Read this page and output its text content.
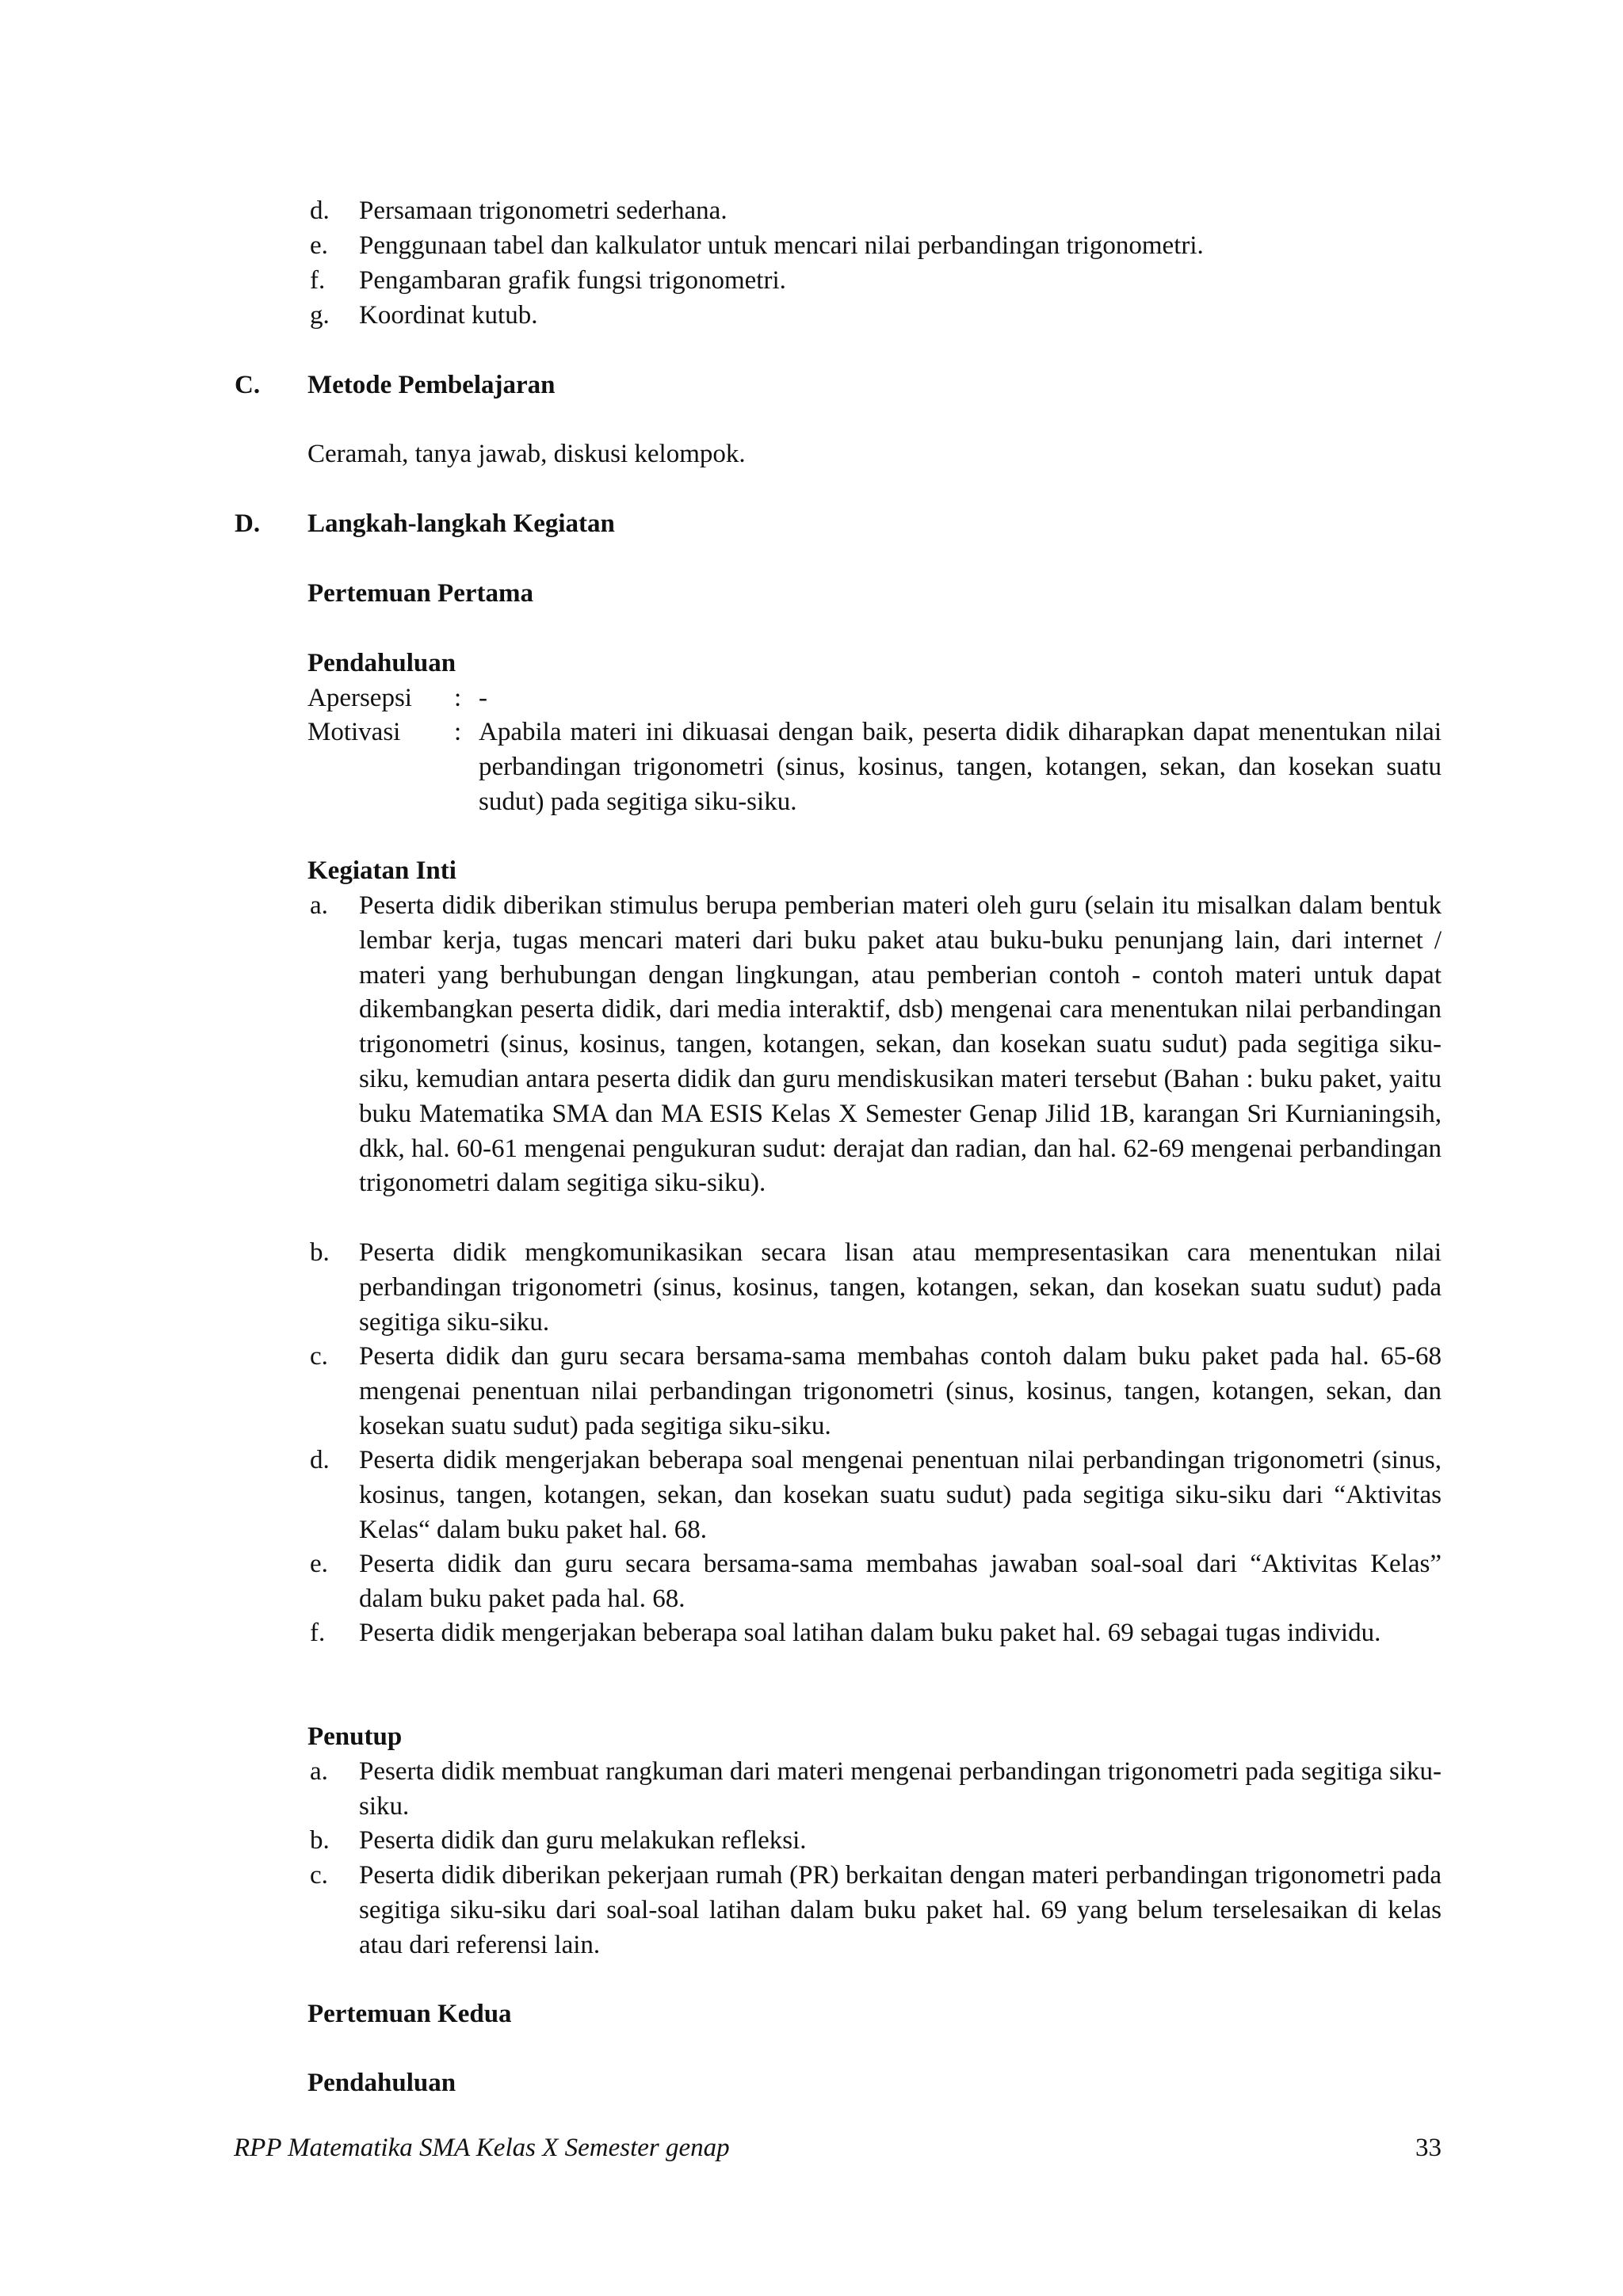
d. Persamaan trigonometri sederhana.
e. Penggunaan tabel dan kalkulator untuk mencari nilai perbandingan trigonometri.
f. Pengambaran grafik fungsi trigonometri.
g. Koordinat kutub.
C. Metode Pembelajaran
Ceramah, tanya jawab, diskusi kelompok.
D. Langkah-langkah Kegiatan
Pertemuan Pertama
Pendahuluan
Apersepsi : -
Motivasi : Apabila materi ini dikuasai dengan baik, peserta didik diharapkan dapat menentukan nilai perbandingan trigonometri (sinus, kosinus, tangen, kotangen, sekan, dan kosekan suatu sudut) pada segitiga siku-siku.
Kegiatan Inti
a. Peserta didik diberikan stimulus berupa pemberian materi oleh guru (selain itu misalkan dalam bentuk lembar kerja, tugas mencari materi dari buku paket atau buku-buku penunjang lain, dari internet / materi yang berhubungan dengan lingkungan, atau pemberian contoh - contoh materi untuk dapat dikembangkan peserta didik, dari media interaktif, dsb) mengenai cara menentukan nilai perbandingan trigonometri (sinus, kosinus, tangen, kotangen, sekan, dan kosekan suatu sudut) pada segitiga siku-siku, kemudian antara peserta didik dan guru mendiskusikan materi tersebut (Bahan : buku paket, yaitu buku Matematika SMA dan MA ESIS Kelas X Semester Genap Jilid 1B, karangan Sri Kurnianingsih, dkk, hal. 60-61 mengenai pengukuran sudut: derajat dan radian, dan hal. 62-69 mengenai perbandingan trigonometri dalam segitiga siku-siku).
b. Peserta didik mengkomunikasikan secara lisan atau mempresentasikan cara menentukan nilai perbandingan trigonometri (sinus, kosinus, tangen, kotangen, sekan, dan kosekan suatu sudut) pada segitiga siku-siku.
c. Peserta didik dan guru secara bersama-sama membahas contoh dalam buku paket pada hal. 65-68 mengenai penentuan nilai perbandingan trigonometri (sinus, kosinus, tangen, kotangen, sekan, dan kosekan suatu sudut) pada segitiga siku-siku.
d. Peserta didik mengerjakan beberapa soal mengenai penentuan nilai perbandingan trigonometri (sinus, kosinus, tangen, kotangen, sekan, dan kosekan suatu sudut) pada segitiga siku-siku dari “Aktivitas Kelas“ dalam buku paket hal. 68.
e. Peserta didik dan guru secara bersama-sama membahas jawaban soal-soal dari “Aktivitas Kelas” dalam buku paket pada hal. 68.
f. Peserta didik mengerjakan beberapa soal latihan dalam buku paket hal. 69 sebagai tugas individu.
Penutup
a. Peserta didik membuat rangkuman dari materi mengenai perbandingan trigonometri pada segitiga siku-siku.
b. Peserta didik dan guru melakukan refleksi.
c. Peserta didik diberikan pekerjaan rumah (PR) berkaitan dengan materi perbandingan trigonometri pada segitiga siku-siku dari soal-soal latihan dalam buku paket hal. 69 yang belum terselesaikan di kelas atau dari referensi lain.
Pertemuan Kedua
Pendahuluan
RPP Matematika SMA Kelas X Semester genap	33
